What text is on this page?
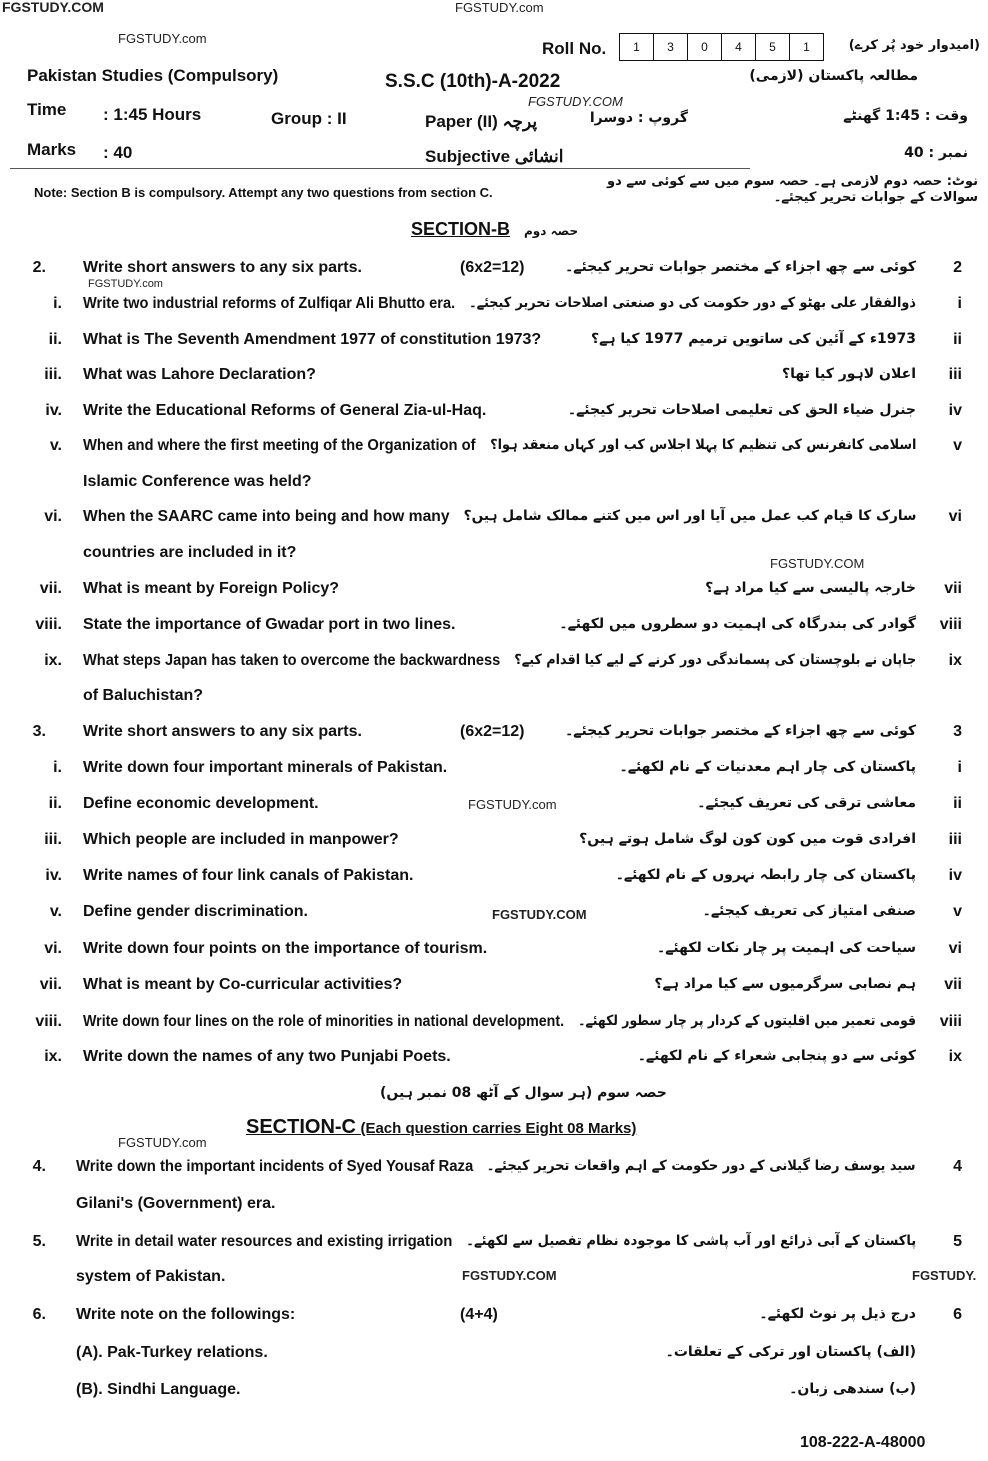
FGSTUDY.COM	FGSTUDY.com
FGSTUDY.com
FGSTUDY.COM
FGSTUDY.com
FGSTUDY.COM
FGSTUDY.com
FGSTUDY.COM
FGSTUDY.com
FGSTUDY.COM	FGSTUDY.
1	3	0	4	5	1
Roll No.	(امیدوار خود پُر کرے)
Pakistan Studies (Compulsory)	S.S.C (10th)-A-2022	مطالعہ پاکستان (لازمی)
Time : 1:45 Hours	Group : II	Paper (II) پرچہ	گروپ : دوسرا	وقت : 1:45 گھنٹے
Marks : 40	Subjective انشائی	نمبر : 40
Note: Section B is compulsory. Attempt any two questions from section C.
نوٹ: حصہ دوم لازمی ہے۔ حصہ سوم میں سے کوئی سے دو سوالات کے جوابات تحریر کیجئے۔
SECTION-B حصہ دوم
2. Write short answers to any six parts.	(6x2=12)	کوئی سے چھ اجزاء کے مختصر جوابات تحریر کیجئے۔ 2
i. Write two industrial reforms of Zulfiqar Ali Bhutto era. ذوالفقار علی بھٹو کے دور حکومت کی دو صنعتی اصلاحات تحریر کیجئے۔	i
ii. What is The Seventh Amendment 1977 of constitution 1973?	1973ء کے آئین کی ساتویں ترمیم 1977 کیا ہے؟ ii
iii. What was Lahore Declaration?	اعلان لاہور کیا تھا؟ iii
iv. Write the Educational Reforms of General Zia-ul-Haq.	جنرل ضیاء الحق کی تعلیمی اصلاحات تحریر کیجئے۔ iv
v. When and where the first meeting of the Organization of اسلامی کانفرنس کی تنظیم کا پہلا اجلاس کب اور کہاں منعقد ہوا؟ v
Islamic Conference was held?
vi. When the SAARC came into being and how many سارک کا قیام کب عمل میں آیا اور اس میں کتنے ممالک شامل ہیں؟ vi
countries are included in it?
vii. What is meant by Foreign Policy?	خارجہ پالیسی سے کیا مراد ہے؟ vii
viii. State the importance of Gwadar port in two lines.	گوادر کی بندرگاہ کی اہمیت دو سطروں میں لکھئے۔ viii
ix. What steps Japan has taken to overcome the backwardness جاپان نے بلوچستان کی پسماندگی دور کرنے کے لیے کیا اقدام کیے؟ ix
of Baluchistan?
3. Write short answers to any six parts.	(6x2=12)	کوئی سے چھ اجزاء کے مختصر جوابات تحریر کیجئے۔ 3
i. Write down four important minerals of Pakistan.	پاکستان کی چار اہم معدنیات کے نام لکھئے۔	i
ii. Define economic development.	معاشی ترقی کی تعریف کیجئے۔ ii
iii. Which people are included in manpower?	افرادی قوت میں کون کون لوگ شامل ہوتے ہیں؟ iii
iv. Write names of four link canals of Pakistan.	پاکستان کی چار رابطہ نہروں کے نام لکھئے۔ iv
v. Define gender discrimination.	صنفی امتیاز کی تعریف کیجئے۔ v
vi. Write down four points on the importance of tourism.	سیاحت کی اہمیت پر چار نکات لکھئے۔ vi
vii. What is meant by Co-curricular activities?	ہم نصابی سرگرمیوں سے کیا مراد ہے؟ vii
viii. Write down four lines on the role of minorities in national development. قومی تعمیر میں اقلیتوں کے کردار پر چار سطور لکھئے۔ viii
ix. Write down the names of any two Punjabi Poets.	کوئی سے دو پنجابی شعراء کے نام لکھئے۔ ix
4. Write down the important incidents of Syed Yousaf Raza سید یوسف رضا گیلانی کے دور حکومت کے اہم واقعات تحریر کیجئے۔ 4
Gilani's (Government) era.
5. Write in detail water resources and existing irrigation پاکستان کے آبی ذرائع اور آب پاشی کا موجودہ نظام تفصیل سے لکھئے۔ 5
system of Pakistan.
6. Write note on the followings:	(4+4)	درج ذیل پر نوٹ لکھئے۔ 6
(A). Pak-Turkey relations.	(الف) پاکستان اور ترکی کے تعلقات۔
(B). Sindhi Language.	(ب) سندھی زبان۔
حصہ سوم (ہر سوال کے آٹھ 08 نمبر ہیں)
SECTION-C (Each question carries Eight 08 Marks)
108-222-A-48000
